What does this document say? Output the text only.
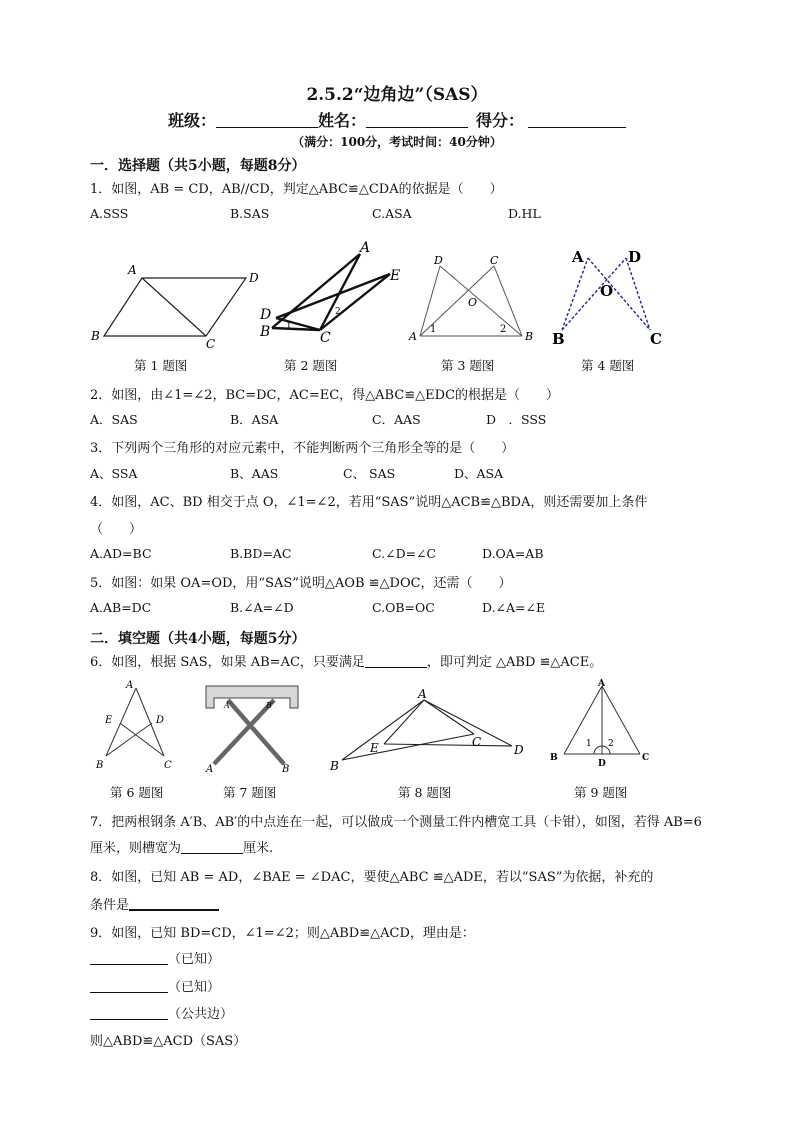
2.5.2“边角边”（SAS）
班级：	姓名：	得分：
（满分：100分，考试时间：40分钟）
一．选择题（共5小题，每题8分）
1．如图，AB = CD，AB//CD，判定△ABC≌△CDA的依据是（　　）
A.SSS	B.SAS	C.ASA	D.HL
A
D
B
C
第 1 题图
A
E
D
B	C
1
2
第 2 题图
D	C
O
A
1	2
B
第 3 题图
A	D
O
B	C
第 4 题图
2．如图，由∠1=∠2，BC=DC，AC=EC，得△ABC≌△EDC的根据是（　　）
A．SAS	B．ASA	C．AAS	D　．SSS
3．下列两个三角形的对应元素中，不能判断两个三角形全等的是（　　）
A、SSA	B、AAS	C、 SAS	D、ASA
4．如图，AC、BD 相交于点 O，∠1=∠2，若用“SAS”说明△ACB≌△BDA，则还需要加上条件
（　　）
A.AD=BC	B.BD=AC	C.∠D=∠C	D.OA=AB
5．如图：如果 OA=OD，用“SAS”说明△AOB ≌△DOC，还需（　　）
A.AB=DC	B.∠A=∠D	C.OB=OC	D.∠A=∠E
二．填空题（共4小题，每题5分）
6．如图，根据 SAS，如果 AB=AC，只要满足	，即可判定 △ABD ≌△ACE。
A
E	D
B	C
第 6 题图
A′	B′
A	B
第 7 题图
A
E	C
B
D
第 8 题图
A
1 2
B
D
C
第 9 题图
7．把两根钢条 A′B、AB′的中点连在一起，可以做成一个测量工件内槽宽工具（卡钳），如图，若得 AB=6
厘米，则槽宽为	厘米.
8．如图，已知 AB = AD，∠BAE = ∠DAC，要使△ABC ≌△ADE，若以“SAS”为依据，补充的
条件是
9．如图，已知 BD=CD，∠1=∠2；则△ABD≌△ACD，理由是：
（已知）
（已知）
（公共边）
则△ABD≌△ACD（SAS）
